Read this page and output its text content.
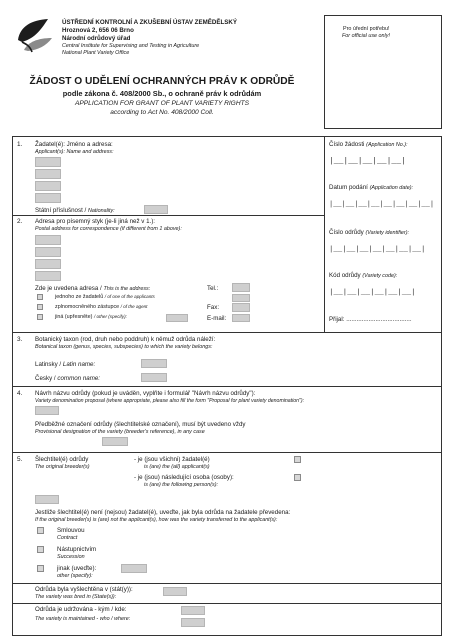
ÚSTŘEDNÍ KONTROLNÍ A ZKUŠEBNÍ ÚSTAV ZEMĚDĚLSKÝ
Hroznová 2, 656 06 Brno
Národní odrůdový úřad
Central Institute for Supervising and Testing in Agriculture
National Plant Variety Office
Pro úřední potřebu!
For official use only!
ŽÁDOST O UDĚLENÍ OCHRANNÝCH PRÁV K ODRŮDĚ
podle zákona č. 408/2000 Sb., o ochraně práv k odrůdám
APPLICATION FOR GRANT OF PLANT VARIETY RIGHTS
according to Act No. 408/2000 Coll.
Číslo žádosti (Application No.):
|__|__|__|__|__|
Datum podání (Application date):
|__|__|__|__|__|__|__|__|
Číslo odrůdy (Variety identifier):
|__|__|__|__|__|__|__|
Kód odrůdy (Variety code):
|__|__|__|__|__|__|
Přijal: ......................................
1. Žadatel(é): Jméno a adresa:
Applicant(s): Name and address:
Státní příslušnost / Nationality:
2. Adresa pro písemný styk (je-li jiná než v 1.):
Postal address for correspondence (if different from 1 above):
Zde je uvedena adresa / This is the address:
jednoho ze žadatelů / of one of the applicants
zplnomocněného zástupce / of the agent
jiná (upřesněte) / other (specify):
Tel.:
Fax:
E-mail:
3. Botanický taxon (rod, druh nebo poddruh) k němuž odrůda náleží:
Botanical taxon (genus, species, subspecies) to which the variety belongs:
Latinsky / Latin name:
Česky / common name:
4. Návrh názvu odrůdy (pokud je uváděn, vyplňte i formulář "Návrh názvu odrůdy"):
Variety denomination proposal (where appropriate, please also fill the form "Proposal for plant variety denomination"):
Předběžné označení odrůdy (šlechtitelské označení), musí být uvedeno vždy
Provisional designation of the variety (breeder's reference), in any case
5. Šlechtitel(é) odrůdy
The original breeder(s)
- je (jsou všichni) žadatel(é)
is (are) the (all) applicant(s)
- je (jsou) následující osoba (osoby):
is (are) the following person(s):
Jestliže šlechtitel(é) není (nejsou) žadatel(é), uveďte, jak byla odrůda na žadatele převedena:
If the original breeder(s) is (are) not the applicant(s), how was the variety transferred to the applicant(s):
Smlouvou
Contract
Nástupnictvím
Succession
jinak (uveďte):
other (specify):
Odrůda byla vyšlechtěna v (stát(y)):
The variety was bred in (State(s)):
Odrůda je udržována - kým / kde:
The variety is maintained - who / where:
